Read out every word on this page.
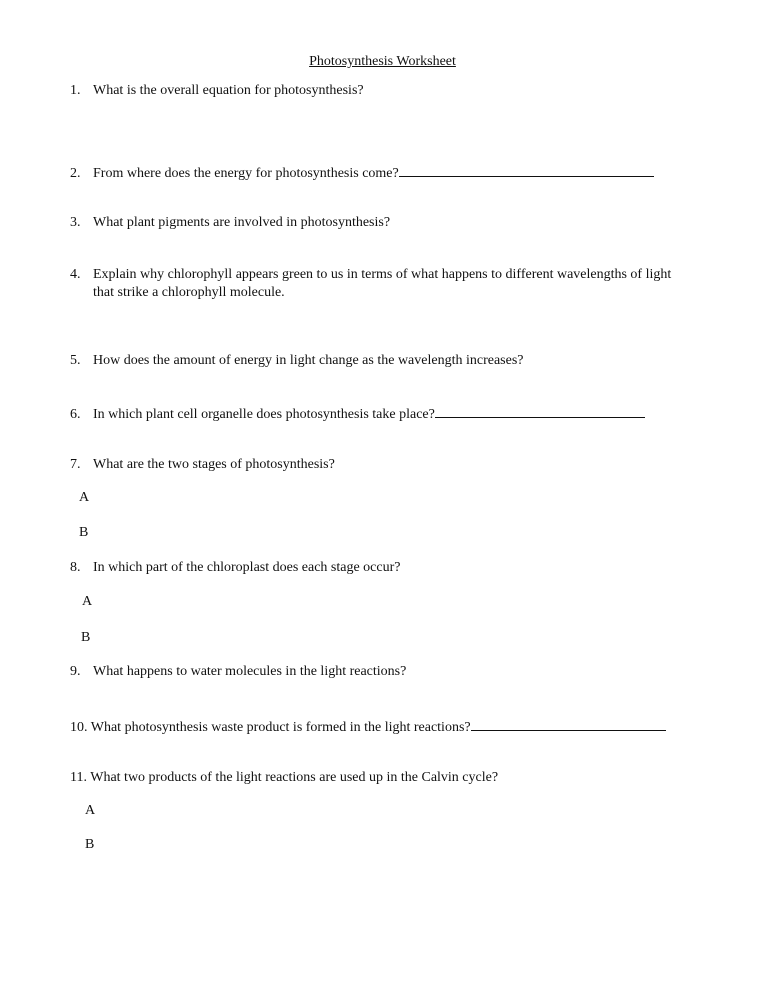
Photosynthesis Worksheet
1. What is the overall equation for photosynthesis?
2. From where does the energy for photosynthesis come?
3. What plant pigments are involved in photosynthesis?
4. Explain why chlorophyll appears green to us in terms of what happens to different wavelengths of light that strike a chlorophyll molecule.
5. How does the amount of energy in light change as the wavelength increases?
6. In which plant cell organelle does photosynthesis take place?
7. What are the two stages of photosynthesis?
A
B
8. In which part of the chloroplast does each stage occur?
A
B
9. What happens to water molecules in the light reactions?
10. What photosynthesis waste product is formed in the light reactions?
11. What two products of the light reactions are used up in the Calvin cycle?
A
B
